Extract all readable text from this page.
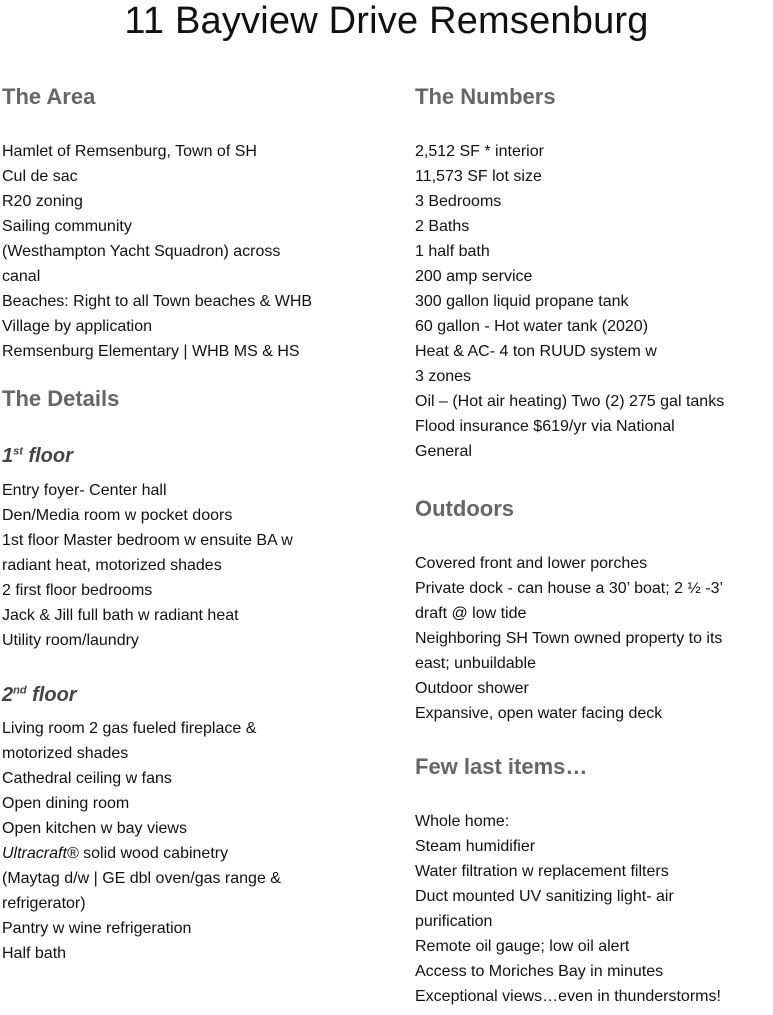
11 Bayview Drive Remsenburg
The Area
Hamlet of Remsenburg, Town of SH
Cul de sac
R20 zoning
Sailing community
(Westhampton Yacht Squadron) across
canal
Beaches: Right to all Town beaches & WHB
Village by application
Remsenburg Elementary | WHB MS & HS
The Details
1st floor
Entry foyer- Center hall
Den/Media room w pocket doors
1st floor Master bedroom w ensuite BA w
radiant heat, motorized shades
2 first floor bedrooms
Jack & Jill full bath w radiant heat
Utility room/laundry
2nd floor
Living room 2 gas fueled fireplace &
motorized shades
Cathedral ceiling w fans
Open dining room
Open kitchen w bay views
Ultracraft® solid wood cabinetry
(Maytag d/w | GE dbl oven/gas range &
refrigerator)
Pantry w wine refrigeration
Half bath
The Numbers
2,512 SF * interior
11,573 SF lot size
3 Bedrooms
2 Baths
1 half bath
200 amp service
300 gallon liquid propane tank
60 gallon - Hot water tank (2020)
Heat & AC- 4 ton RUUD system w
3 zones
Oil – (Hot air heating) Two (2) 275 gal tanks
Flood insurance $619/yr via National
General
Outdoors
Covered front and lower porches
Private dock - can house a 30’ boat; 2 ½ -3’
draft @ low tide
Neighboring SH Town owned property to its
east; unbuildable
Outdoor shower
Expansive, open water facing deck
Few last items…
Whole home:
Steam humidifier
Water filtration w replacement filters
Duct mounted UV sanitizing light- air
purification
Remote oil gauge; low oil alert
Access to Moriches Bay in minutes
Exceptional views…even in thunderstorms!
